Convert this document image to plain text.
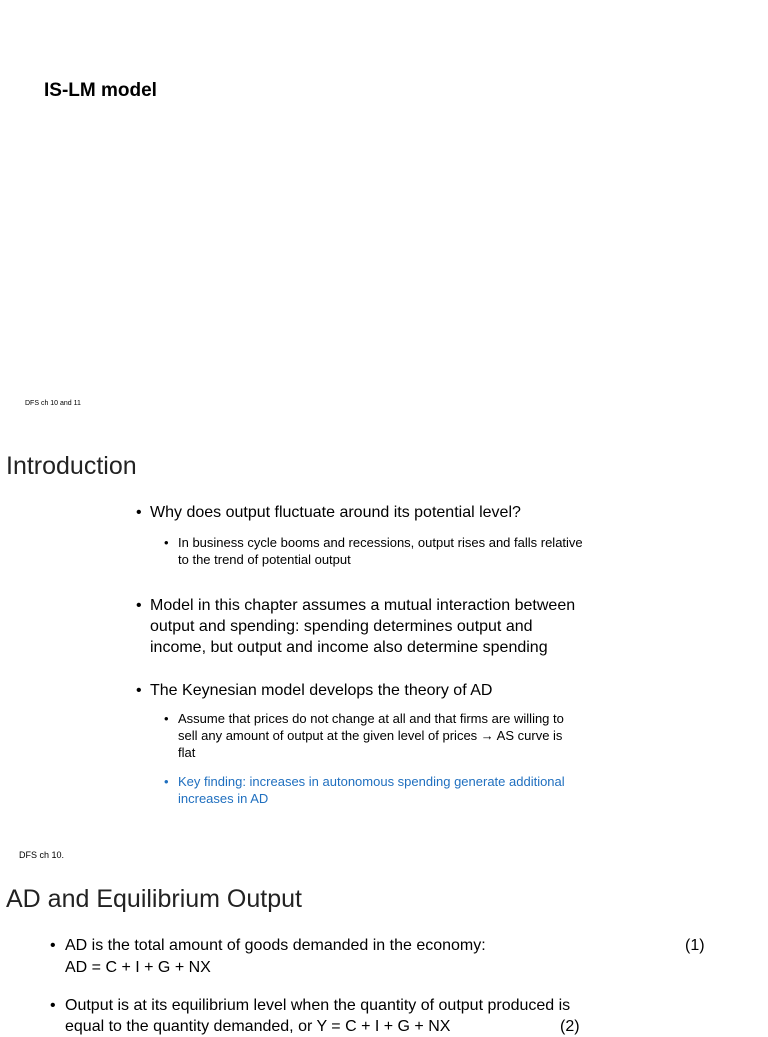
IS-LM model
DFS ch 10 and 11
Introduction
• Why does output fluctuate around its potential level?
• In business cycle booms and recessions, output rises and falls relative
to the trend of potential output
• Model in this chapter assumes a mutual interaction between
output and spending: spending determines output and
income, but output and income also determine spending
• The Keynesian model develops the theory of AD
• Assume that prices do not change at all and that firms are willing to
sell any amount of output at the given level of prices → AS curve is
flat
• Key finding: increases in autonomous spending generate additional
increases in AD
DFS ch 10.
AD and Equilibrium Output
• AD is the total amount of goods demanded in the economy:	(1)
AD = C + I + G + NX
• Output is at its equilibrium level when the quantity of output produced is
equal to the quantity demanded, or Y = C + I + G + NX	(2)
